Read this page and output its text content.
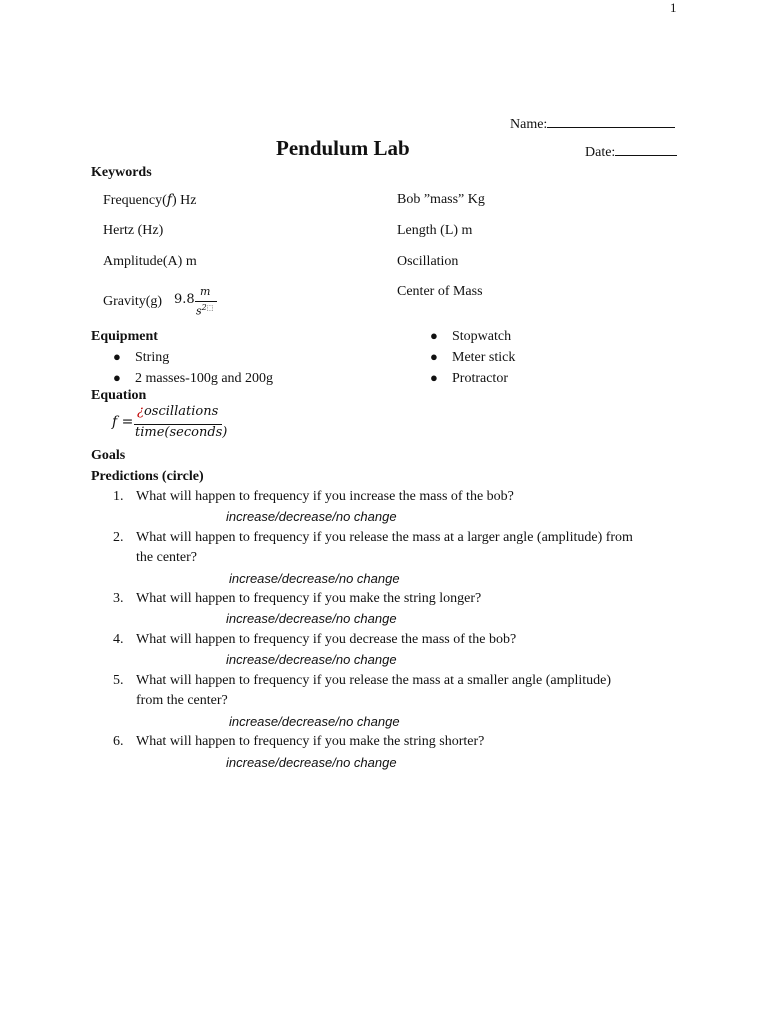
1
Name:
Pendulum Lab	Date:
Keywords
Frequency(f) Hz
Hertz (Hz)
Amplitude(A) m
Gravity(g) 9.8
m
$s^{2⬚}$
Bob ”mass” Kg
Length (L) m
Oscillation
Center of Mass
Equipment
● String
● 2 masses-100g and 200g
● Stopwatch
● Meter stick
● Protractor
Equation
f =
¿oscillations
time(seconds)
Goals
Predictions (circle)
1. What will happen to frequency if you increase the mass of the bob?
increase/decrease/no change
2. What will happen to frequency if you release the mass at a larger angle (amplitude) from
the center?
increase/decrease/no change
3. What will happen to frequency if you make the string longer?
increase/decrease/no change
4. What will happen to frequency if you decrease the mass of the bob?
increase/decrease/no change
5. What will happen to frequency if you release the mass at a smaller angle (amplitude)
from the center?
increase/decrease/no change
6. What will happen to frequency if you make the string shorter?
increase/decrease/no change
